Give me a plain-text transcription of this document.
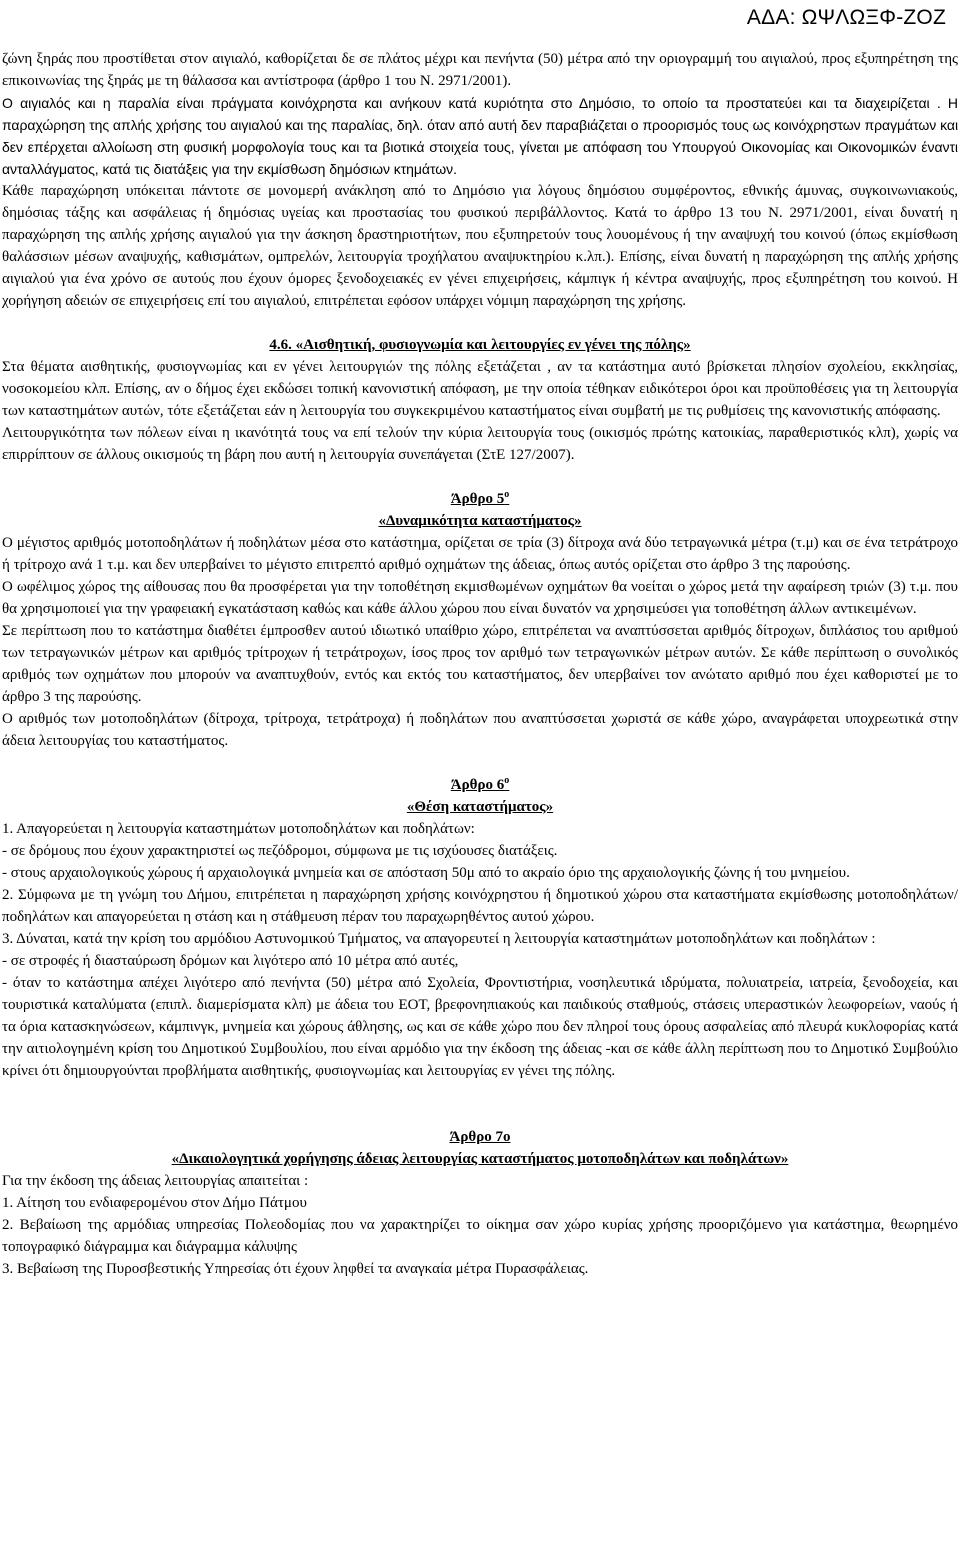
ΑΔΑ: ΩΨΛΩΞΦ-ΖΟΖ

ζώνη ξηράς που προστίθεται στον αιγιαλό, καθορίζεται δε σε πλάτος μέχρι και πενήντα (50) μέτρα από την οριογραμμή του αιγιαλού, προς εξυπηρέτηση της επικοινωνίας της ξηράς με τη θάλασσα και αντίστροφα (άρθρο 1 του Ν. 2971/2001).

Ο αιγιαλός και η παραλία είναι πράγματα κοινόχρηστα και ανήκουν κατά κυριότητα στο Δημόσιο, το οποίο τα προστατεύει και τα διαχειρίζεται . Η παραχώρηση της απλής χρήσης του αιγιαλού και της παραλίας, δηλ. όταν από αυτή δεν παραβιάζεται ο προορισμός τους ως κοινόχρηστων πραγμάτων και δεν επέρχεται αλλοίωση στη φυσική μορφολογία τους και τα βιοτικά στοιχεία τους, γίνεται με απόφαση του Υπουργού Οικονομίας και Οικονομικών έναντι ανταλλάγματος, κατά τις διατάξεις για την εκμίσθωση δημόσιων κτημάτων.

Κάθε παραχώρηση υπόκειται πάντοτε σε μονομερή ανάκληση από το Δημόσιο για λόγους δημόσιου συμφέροντος, εθνικής άμυνας, συγκοινωνιακούς, δημόσιας τάξης και ασφάλειας ή δημόσιας υγείας και προστασίας του φυσικού περιβάλλοντος. Κατά το άρθρο 13 του Ν. 2971/2001, είναι δυνατή η παραχώρηση της απλής χρήσης αιγιαλού για την άσκηση δραστηριοτήτων, που εξυπηρετούν τους λουομένους ή την αναψυχή του κοινού (όπως εκμίσθωση θαλάσσιων μέσων αναψυχής, καθισμάτων, ομπρελών, λειτουργία τροχήλατου αναψυκτηρίου κ.λπ.). Επίσης, είναι δυνατή η παραχώρηση της απλής χρήσης αιγιαλού για ένα χρόνο σε αυτούς που έχουν όμορες ξενοδοχειακές εν γένει επιχειρήσεις, κάμπιγκ ή κέντρα αναψυχής, προς εξυπηρέτηση του κοινού. Η χορήγηση αδειών σε επιχειρήσεις επί του αιγιαλού, επιτρέπεται εφόσον υπάρχει νόμιμη παραχώρηση της χρήσης.

4.6. «Αισθητική, φυσιογνωμία και λειτουργίες εν γένει της πόλης»

Στα θέματα αισθητικής, φυσιογνωμίας και εν γένει λειτουργιών της πόλης εξετάζεται , αν τα κατάστημα αυτό βρίσκεται πλησίον σχολείου, εκκλησίας, νοσοκομείου κλπ. Επίσης, αν ο δήμος έχει εκδώσει τοπική κανονιστική απόφαση, με την οποία τέθηκαν ειδικότεροι όροι και προϋποθέσεις για τη λειτουργία των καταστημάτων αυτών, τότε εξετάζεται εάν η λειτουργία του συγκεκριμένου καταστήματος είναι συμβατή με τις ρυθμίσεις της κανονιστικής απόφασης.

Λειτουργικότητα των πόλεων είναι η ικανότητά τους να επί τελούν την κύρια λειτουργία τους (οικισμός πρώτης κατοικίας, παραθεριστικός κλπ), χωρίς να επιρρίπτουν σε άλλους οικισμούς τη βάρη που αυτή η λειτουργία συνεπάγεται (ΣτΕ 127/2007).

Άρθρο $5^o$

«Δυναμικότητα καταστήματος»

Ο μέγιστος αριθμός μοτοποδηλάτων ή ποδηλάτων μέσα στο κατάστημα, ορίζεται σε τρία (3) δίτροχα ανά δύο τετραγωνικά μέτρα (τ.μ) και σε ένα τετράτροχο ή τρίτροχο ανά 1 τ.μ. και δεν υπερβαίνει το μέγιστο επιτρεπτό αριθμό οχημάτων της άδειας, όπως αυτός ορίζεται στο άρθρο 3 της παρούσης.

Ο ωφέλιμος χώρος της αίθουσας που θα προσφέρεται για την τοποθέτηση εκμισθωμένων οχημάτων θα νοείται ο χώρος μετά την αφαίρεση τριών (3) τ.μ. που θα χρησιμοποιεί για την γραφειακή εγκατάσταση καθώς και κάθε άλλου χώρου που είναι δυνατόν να χρησιμεύσει για τοποθέτηση άλλων αντικειμένων.

Σε περίπτωση που το κατάστημα διαθέτει έμπροσθεν αυτού ιδιωτικό υπαίθριο χώρο, επιτρέπεται να αναπτύσσεται αριθμός δίτροχων, διπλάσιος του αριθμού των τετραγωνικών μέτρων και αριθμός τρίτροχων ή τετράτροχων, ίσος προς τον αριθμό των τετραγωνικών μέτρων αυτών. Σε κάθε περίπτωση ο συνολικός αριθμός των οχημάτων που μπορούν να αναπτυχθούν, εντός και εκτός του καταστήματος, δεν υπερβαίνει τον ανώτατο αριθμό που έχει καθοριστεί με το άρθρο 3 της παρούσης.

Ο αριθμός των μοτοποδηλάτων (δίτροχα, τρίτροχα, τετράτροχα) ή ποδηλάτων που αναπτύσσεται χωριστά σε κάθε χώρο, αναγράφεται υποχρεωτικά στην άδεια λειτουργίας του καταστήματος.

Άρθρο $6^o$

«Θέση καταστήματος»

1. Απαγορεύεται η λειτουργία καταστημάτων μοτοποδηλάτων και ποδηλάτων:

- σε δρόμους που έχουν χαρακτηριστεί ως πεζόδρομοι, σύμφωνα με τις ισχύουσες διατάξεις.

- στους αρχαιολογικούς χώρους ή αρχαιολογικά μνημεία και σε απόσταση 50μ από το ακραίο όριο της αρχαιολογικής ζώνης ή του μνημείου.

2. Σύμφωνα με τη γνώμη του Δήμου, επιτρέπεται η παραχώρηση χρήσης κοινόχρηστου ή δημοτικού χώρου στα καταστήματα εκμίσθωσης μοτοποδηλάτων/ποδηλάτων και απαγορεύεται η στάση και η στάθμευση πέραν του παραχωρηθέντος αυτού χώρου.

3. Δύναται, κατά την κρίση του αρμόδιου Αστυνομικού Τμήματος, να απαγορευτεί η λειτουργία καταστημάτων μοτοποδηλάτων και ποδηλάτων :

- σε στροφές ή διασταύρωση δρόμων και λιγότερο από 10 μέτρα από αυτές,

- όταν το κατάστημα απέχει λιγότερο από πενήντα (50) μέτρα από Σχολεία, Φροντιστήρια, νοσηλευτικά ιδρύματα, πολυιατρεία, ιατρεία, ξενοδοχεία, και τουριστικά καταλύματα (επιπλ. διαμερίσματα κλπ) με άδεια του ΕΟΤ, βρεφονηπιακούς και παιδικούς σταθμούς, στάσεις υπεραστικών λεωφορείων, ναούς ή τα όρια κατασκηνώσεων, κάμπινγκ, μνημεία και χώρους άθλησης, ως και σε κάθε χώρο που δεν πληροί τους όρους ασφαλείας από πλευρά κυκλοφορίας κατά την αιτιολογημένη κρίση του Δημοτικού Συμβουλίου, που είναι αρμόδιο για την έκδοση της άδειας -και σε κάθε άλλη περίπτωση που το Δημοτικό Συμβούλιο κρίνει ότι δημιουργούνται προβλήματα αισθητικής, φυσιογνωμίας και λειτουργίας εν γένει της πόλης.

Άρθρο 7ο

«Δικαιολογητικά χορήγησης άδειας λειτουργίας καταστήματος μοτοποδηλάτων και ποδηλάτων»

Για την έκδοση της άδειας λειτουργίας απαιτείται :

1. Αίτηση του ενδιαφερομένου στον Δήμο Πάτμου

2. Βεβαίωση της αρμόδιας υπηρεσίας Πολεοδομίας που να χαρακτηρίζει το οίκημα σαν χώρο κυρίας χρήσης προοριζόμενο για κατάστημα, θεωρημένο τοπογραφικό διάγραμμα και διάγραμμα κάλυψης

3. Βεβαίωση της Πυροσβεστικής Υπηρεσίας ότι έχουν ληφθεί τα αναγκαία μέτρα Πυρασφάλειας.
